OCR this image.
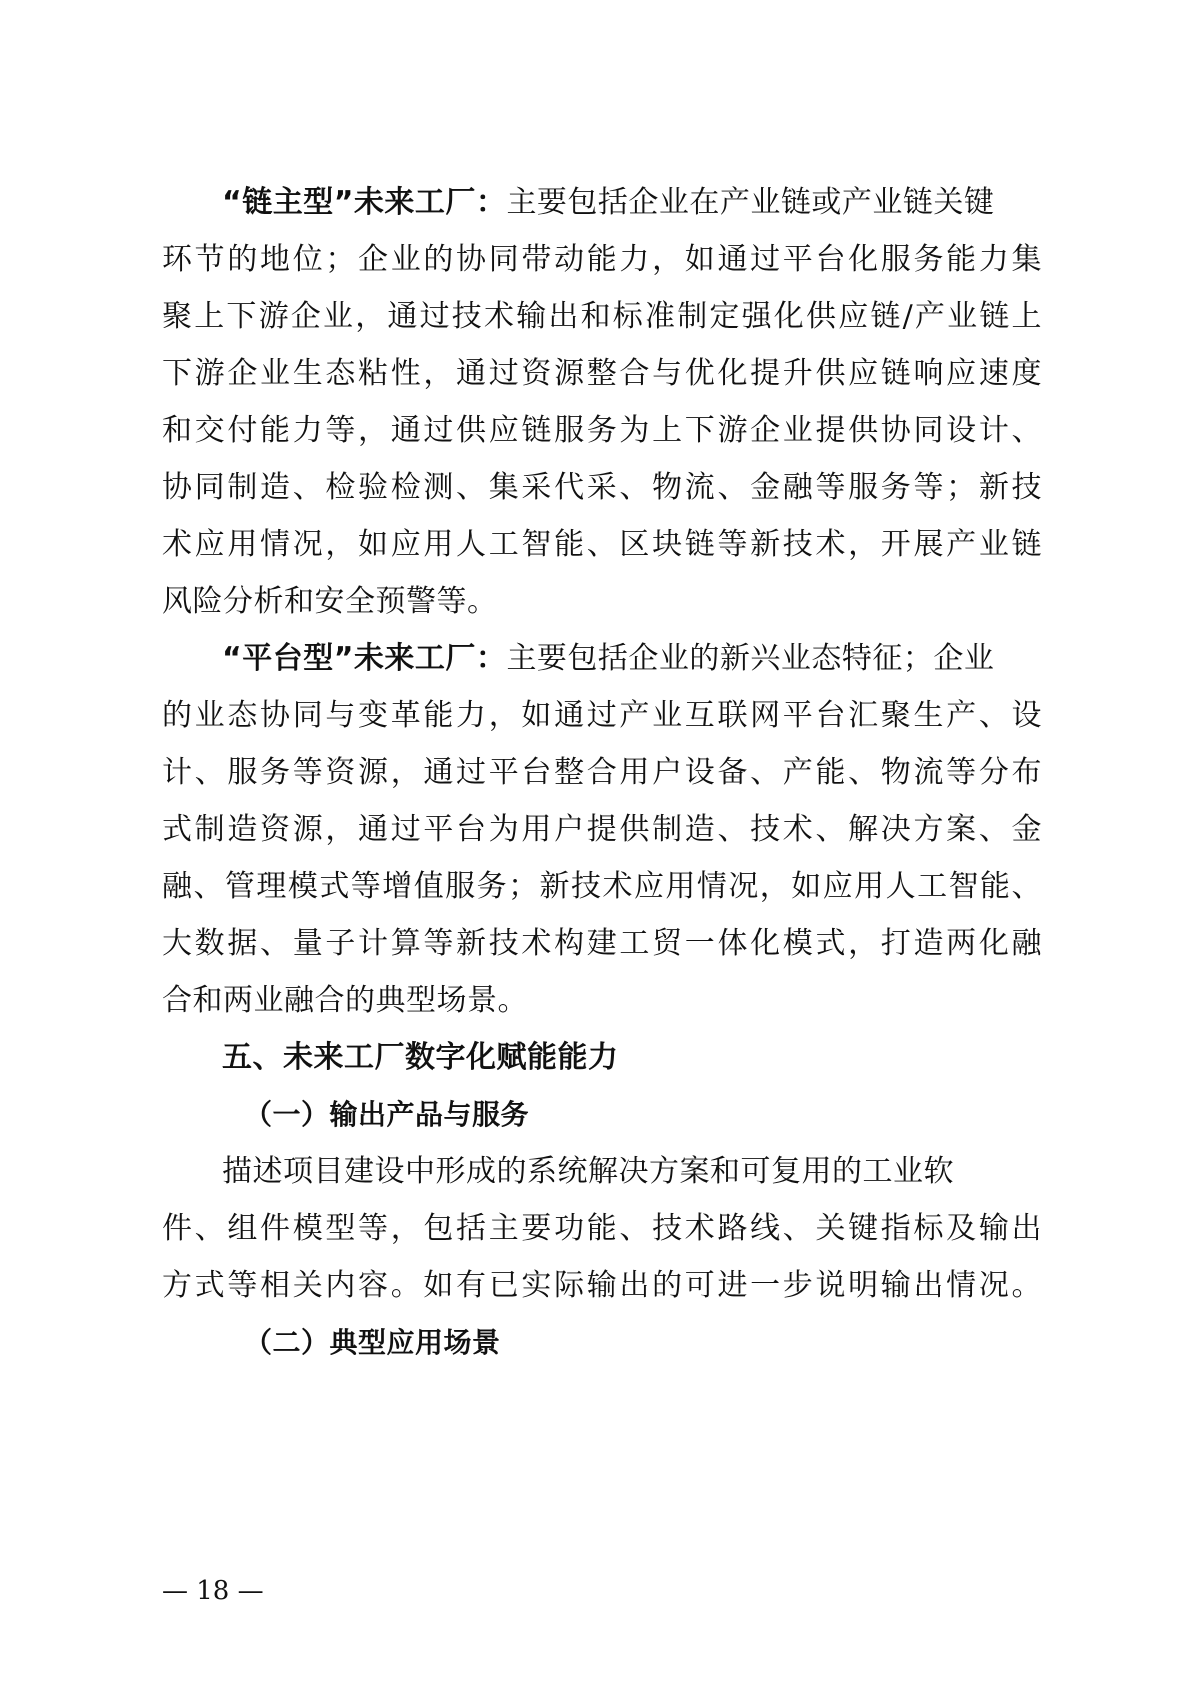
“链主型”未来工厂：主要包括企业在产业链或产业链关键
环节的地位；企业的协同带动能力，如通过平台化服务能力集
聚上下游企业，通过技术输出和标准制定强化供应链/产业链上
下游企业生态粘性，通过资源整合与优化提升供应链响应速度
和交付能力等，通过供应链服务为上下游企业提供协同设计、
协同制造、检验检测、集采代采、物流、金融等服务等；新技
术应用情况，如应用人工智能、区块链等新技术，开展产业链
风险分析和安全预警等。
“平台型”未来工厂：主要包括企业的新兴业态特征；企业
的业态协同与变革能力，如通过产业互联网平台汇聚生产、设
计、服务等资源，通过平台整合用户设备、产能、物流等分布
式制造资源，通过平台为用户提供制造、技术、解决方案、金
融、管理模式等增值服务；新技术应用情况，如应用人工智能、
大数据、量子计算等新技术构建工贸一体化模式，打造两化融
合和两业融合的典型场景。
五、未来工厂数字化赋能能力
（一）输出产品与服务
描述项目建设中形成的系统解决方案和可复用的工业软
件、组件模型等，包括主要功能、技术路线、关键指标及输出
方式等相关内容。如有已实际输出的可进一步说明输出情况。
（二）典型应用场景
— 18 —
